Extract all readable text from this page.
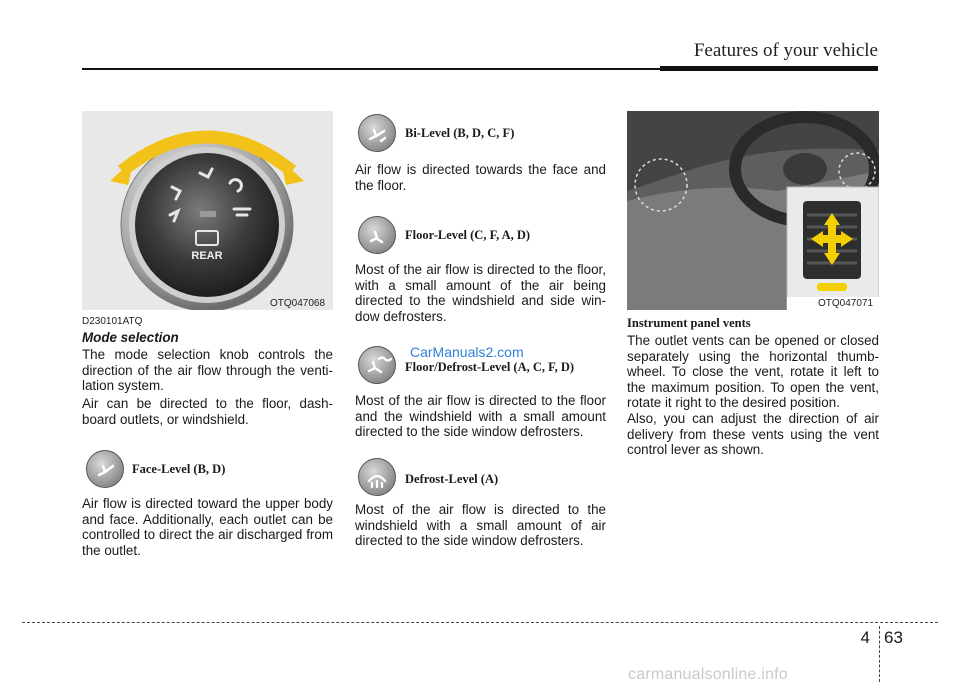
Features of your vehicle
REAR
OTQ047068
D230101ATQ
Mode selection

The mode selection knob controls the direction of the air flow through the venti-lation system.

Air can be directed to the floor, dash-board outlets, or windshield.

Face-Level (B, D)

Air flow is directed toward the upper body and face. Additionally, each outlet can be controlled to direct the air discharged from the outlet.

Bi-Level (B, D, C, F)

Air flow is directed towards the face and the floor.

Floor-Level (C, F, A, D)

Most of the air flow is directed to the floor, with a small amount of the air being directed to the windshield and side win-dow defrosters.

Floor/Defrost-Level (A, C, F, D)

Most of the air flow is directed to the floor and the windshield with a small amount directed to the side window defrosters.

Defrost-Level (A)

Most of the air flow is directed to the windshield with a small amount of air directed to the side window defrosters.

OTQ047071
Instrument panel vents

The outlet vents can be opened or closed separately using the horizontal thumb-wheel. To close the vent, rotate it left to the maximum position. To open the vent, rotate it right to the desired position.

Also, you can adjust the direction of air delivery from these vents using the vent control lever as shown.

CarManuals2.com
carmanualsonline.info
4 63
